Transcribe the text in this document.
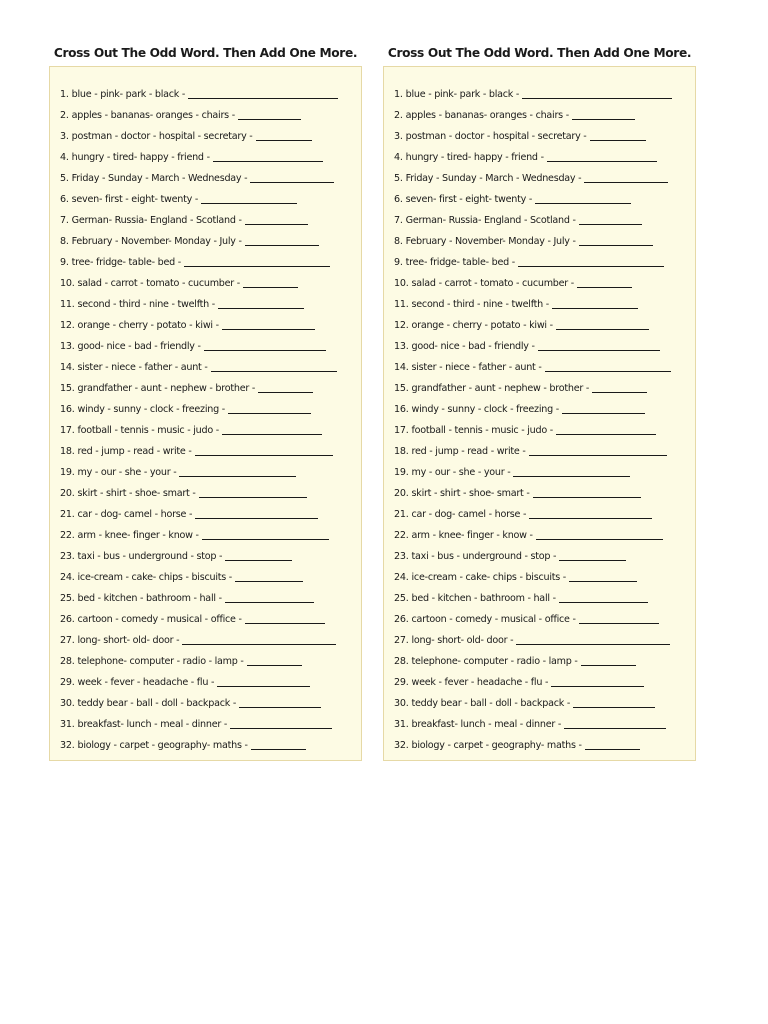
Cross Out The Odd Word. Then Add One More.
1. blue - pink- park - black -
2. apples - bananas- oranges - chairs -
3. postman - doctor - hospital - secretary -
4. hungry - tired- happy - friend -
5. Friday - Sunday - March - Wednesday -
6. seven- first - eight- twenty -
7. German- Russia- England - Scotland -
8. February - November- Monday - July -
9. tree- fridge- table- bed -
10. salad - carrot - tomato - cucumber -
11. second - third - nine - twelfth -
12. orange - cherry - potato - kiwi -
13. good- nice - bad - friendly -
14. sister - niece - father - aunt -
15. grandfather - aunt - nephew - brother -
16. windy - sunny - clock - freezing -
17. football - tennis - music - judo -
18. red - jump - read - write -
19. my - our - she - your -
20. skirt - shirt - shoe- smart -
21. car - dog- camel - horse -
22. arm - knee- finger - know -
23. taxi - bus - underground - stop -
24. ice-cream - cake- chips - biscuits -
25. bed - kitchen - bathroom - hall -
26. cartoon - comedy - musical - office -
27. long- short- old- door -
28. telephone- computer - radio - lamp -
29. week - fever - headache - flu -
30. teddy bear - ball - doll - backpack -
31. breakfast- lunch - meal - dinner -
32. biology - carpet - geography- maths -
Cross Out The Odd Word. Then Add One More.
1. blue - pink- park - black -
2. apples - bananas- oranges - chairs -
3. postman - doctor - hospital - secretary -
4. hungry - tired- happy - friend -
5. Friday - Sunday - March - Wednesday -
6. seven- first - eight- twenty -
7. German- Russia- England - Scotland -
8. February - November- Monday - July -
9. tree- fridge- table- bed -
10. salad - carrot - tomato - cucumber -
11. second - third - nine - twelfth -
12. orange - cherry - potato - kiwi -
13. good- nice - bad - friendly -
14. sister - niece - father - aunt -
15. grandfather - aunt - nephew - brother -
16. windy - sunny - clock - freezing -
17. football - tennis - music - judo -
18. red - jump - read - write -
19. my - our - she - your -
20. skirt - shirt - shoe- smart -
21. car - dog- camel - horse -
22. arm - knee- finger - know -
23. taxi - bus - underground - stop -
24. ice-cream - cake- chips - biscuits -
25. bed - kitchen - bathroom - hall -
26. cartoon - comedy - musical - office -
27. long- short- old- door -
28. telephone- computer - radio - lamp -
29. week - fever - headache - flu -
30. teddy bear - ball - doll - backpack -
31. breakfast- lunch - meal - dinner -
32. biology - carpet - geography- maths -
